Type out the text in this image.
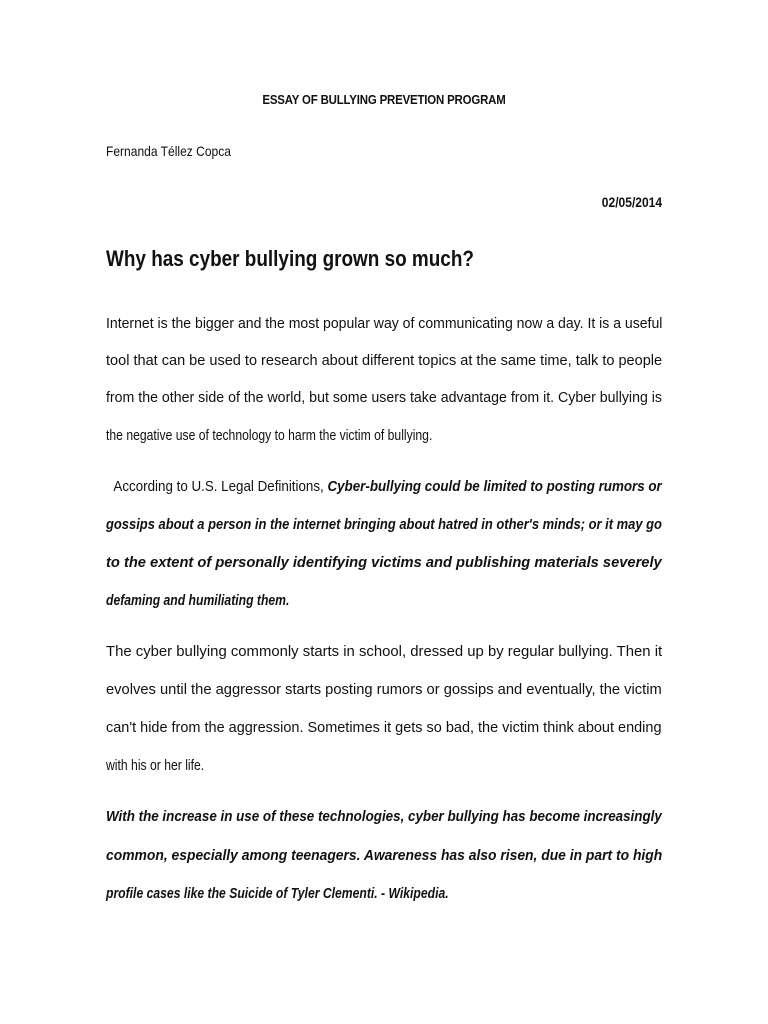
ESSAY OF BULLYING PREVETION PROGRAM
Fernanda Téllez Copca
02/05/2014
Why has cyber bullying grown so much?
Internet is the bigger and the most popular way of communicating now a day. It is a useful
tool that can be used to research about different topics at the same time, talk to people
from the other side of the world, but some users take advantage from it. Cyber bullying is
the negative use of technology to harm the victim of bullying.
According to U.S. Legal Definitions, Cyber-bullying could be limited to posting rumors or
gossips about a person in the internet bringing about hatred in other's minds; or it may go
to the extent of personally identifying victims and publishing materials severely
defaming and humiliating them.
The cyber bullying commonly starts in school, dressed up by regular bullying. Then it
evolves until the aggressor starts posting rumors or gossips and eventually, the victim
can't hide from the aggression. Sometimes it gets so bad, the victim think about ending
with his or her life.
With the increase in use of these technologies, cyber bullying has become increasingly
common, especially among teenagers. Awareness has also risen, due in part to high
profile cases like the Suicide of Tyler Clementi. - Wikipedia.
